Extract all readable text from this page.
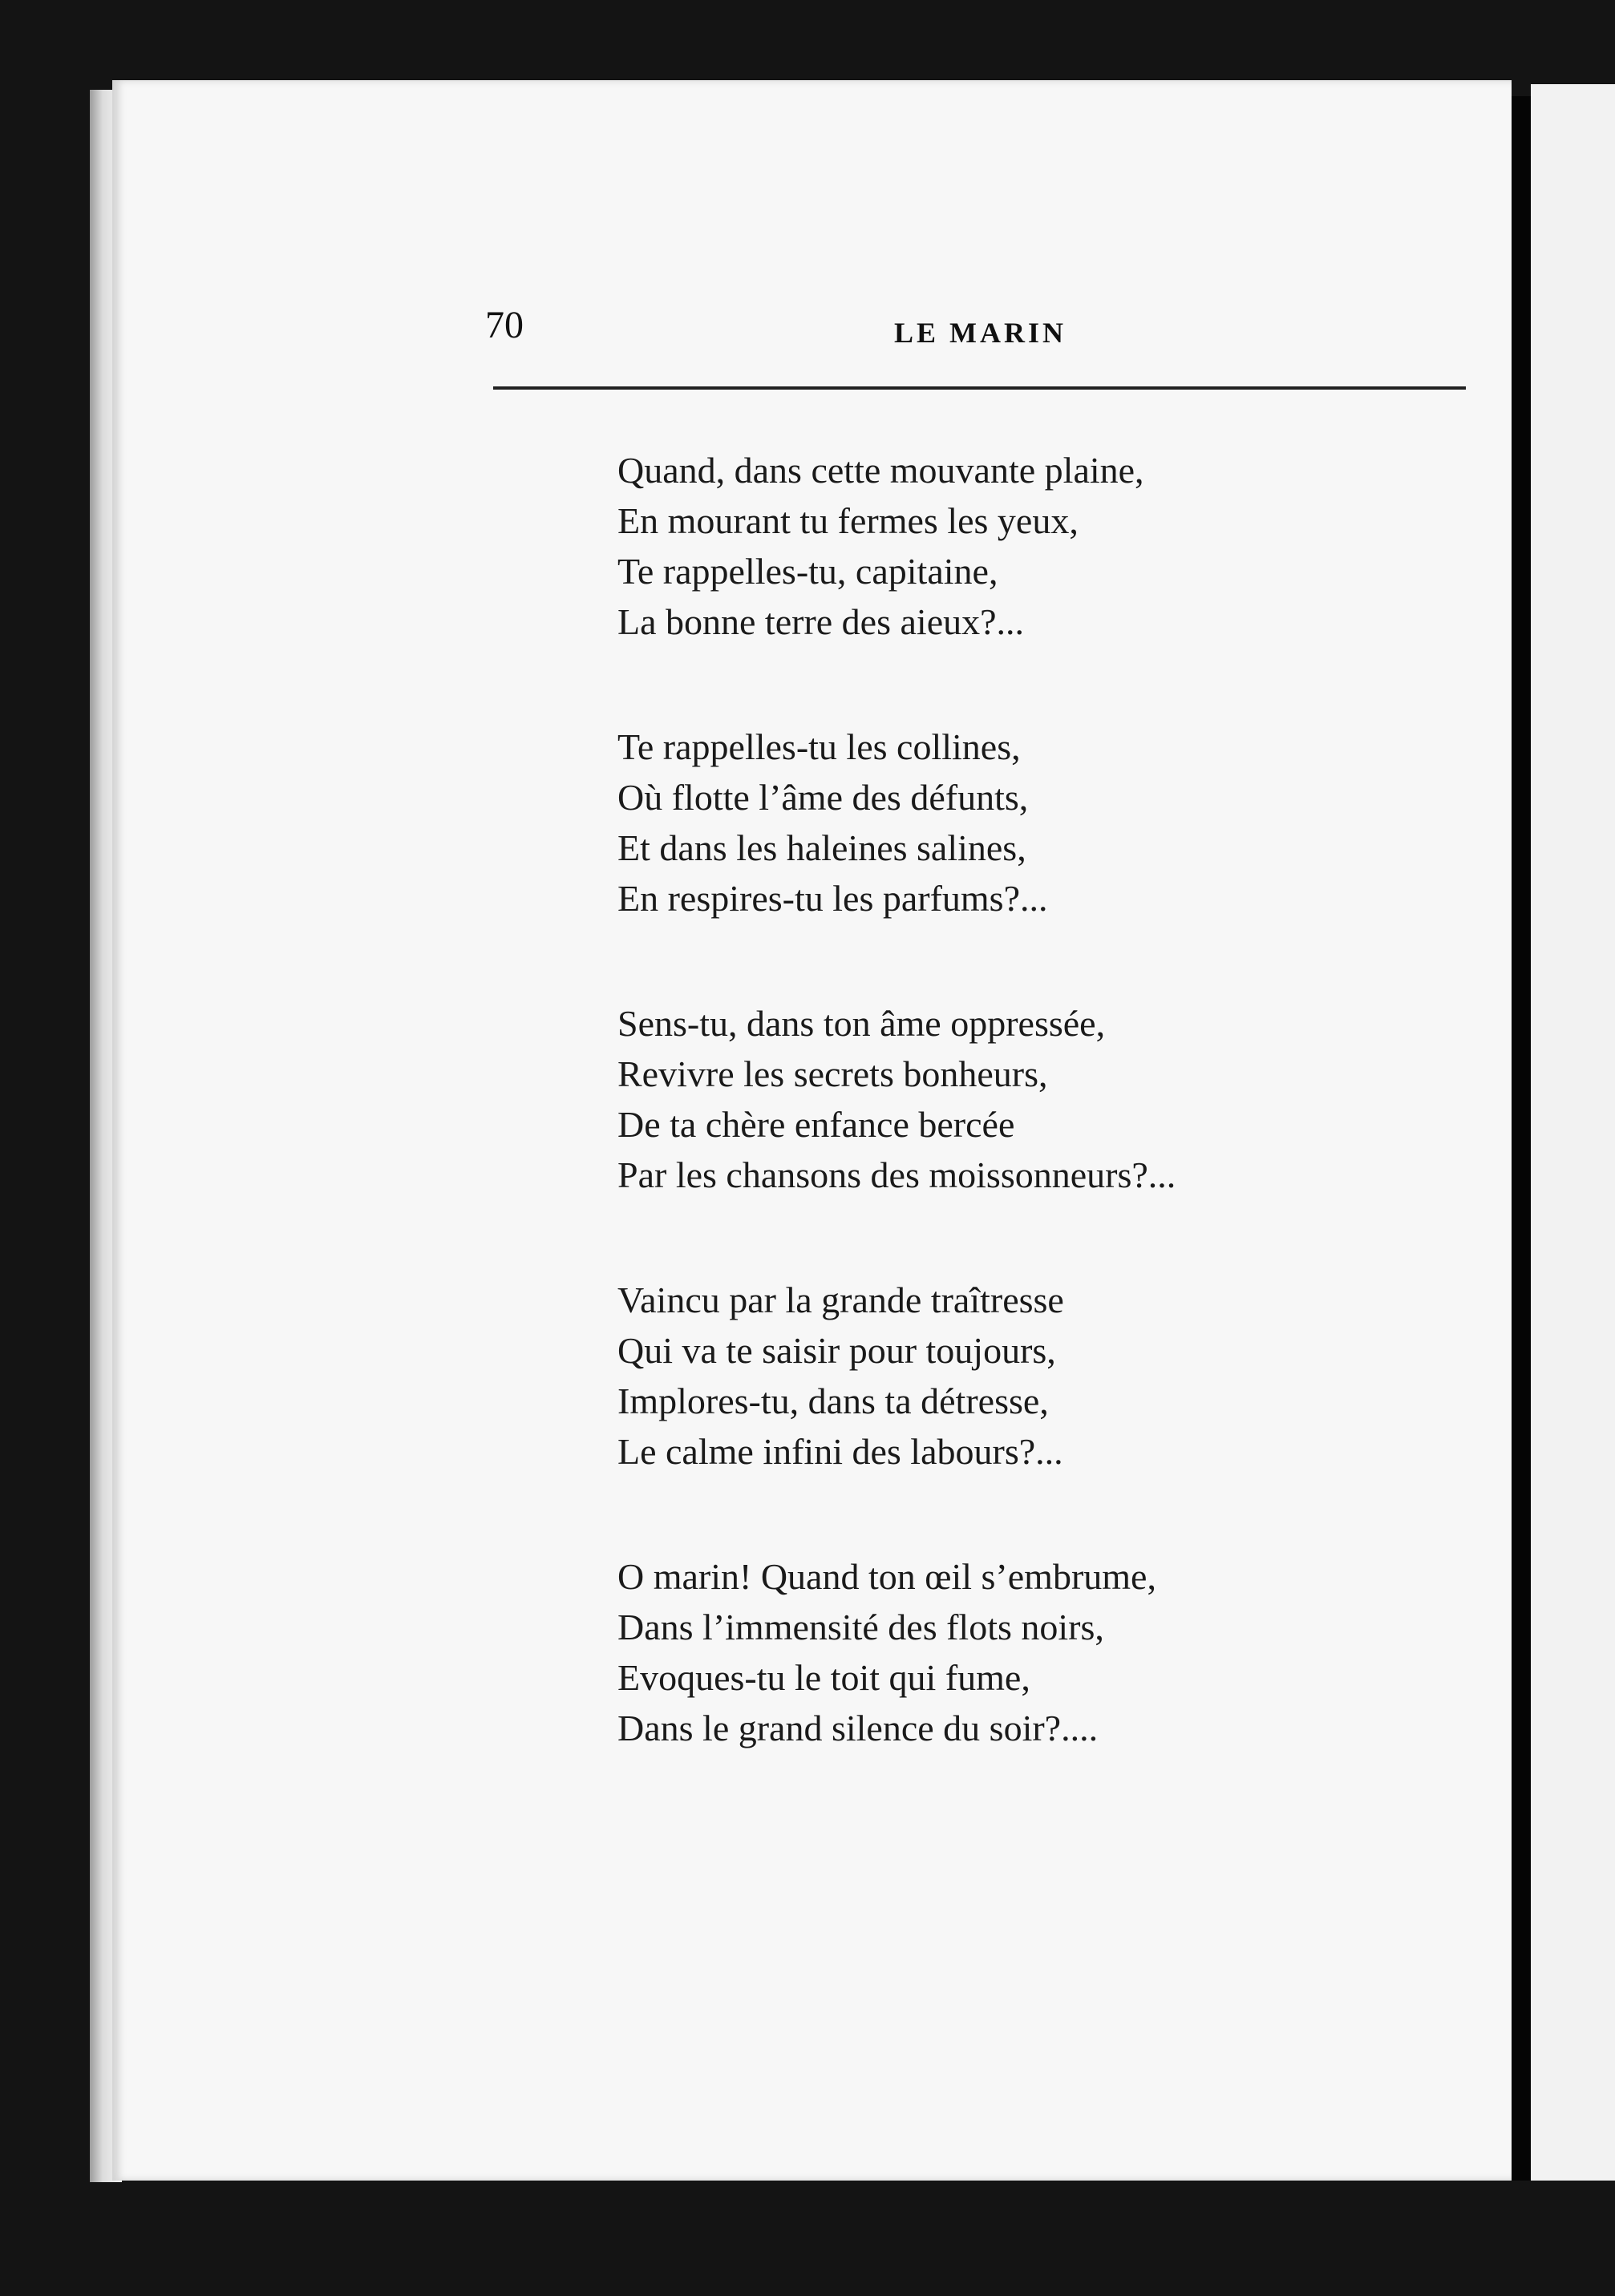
70	LE MARIN
Quand, dans cette mouvante plaine,
En mourant tu fermes les yeux,
Te rappelles-tu, capitaine,
La bonne terre des aieux?...
Te rappelles-tu les collines,
Où flotte l’âme des défunts,
Et dans les haleines salines,
En respires-tu les parfums?...
Sens-tu, dans ton âme oppressée,
Revivre les secrets bonheurs,
De ta chère enfance bercée
Par les chansons des moissonneurs?...
Vaincu par la grande traîtresse
Qui va te saisir pour toujours,
Implores-tu, dans ta détresse,
Le calme infini des labours?...
O marin! Quand ton œil s’embrume,
Dans l’immensité des flots noirs,
Evoques-tu le toit qui fume,
Dans le grand silence du soir?....
